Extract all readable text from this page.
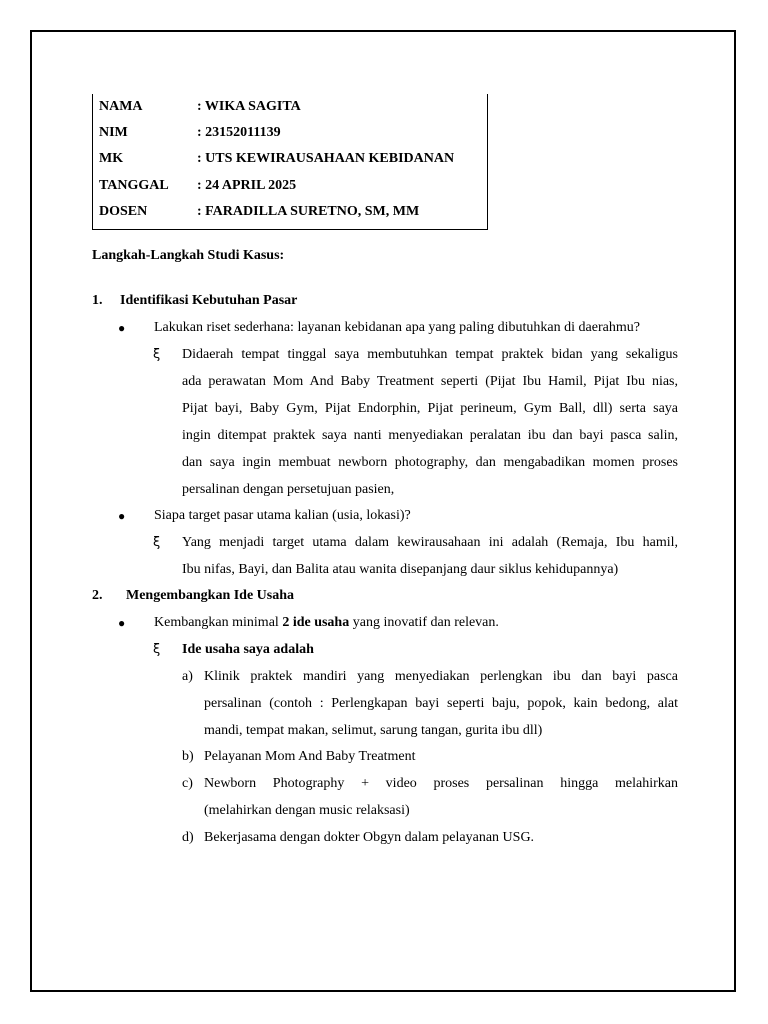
NAMA	: WIKA SAGITA
NIM	: 23152011139
MK	: UTS KEWIRAUSAHAAN KEBIDANAN
TANGGAL : 24 APRIL 2025
DOSEN	: FARADILLA SURETNO, SM, MM
Langkah-Langkah Studi Kasus:
1. Identifikasi Kebutuhan Pasar
● Lakukan riset sederhana: layanan kebidanan apa yang paling dibutuhkan di daerahmu?
ξ Didaerah tempat tinggal saya membutuhkan tempat praktek bidan yang sekaligus
ada perawatan Mom And Baby Treatment seperti (Pijat Ibu Hamil, Pijat Ibu nias,
Pijat bayi, Baby Gym, Pijat Endorphin, Pijat perineum, Gym Ball, dll) serta saya
ingin ditempat praktek saya nanti menyediakan peralatan ibu dan bayi pasca salin,
dan saya ingin membuat newborn photography, dan mengabadikan momen proses
persalinan dengan persetujuan pasien,
● Siapa target pasar utama kalian (usia, lokasi)?
ξ Yang menjadi target utama dalam kewirausahaan ini adalah (Remaja, Ibu hamil,
Ibu nifas, Bayi, dan Balita atau wanita disepanjang daur siklus kehidupannya)
2. Mengembangkan Ide Usaha
● Kembangkan minimal 2 ide usaha yang inovatif dan relevan.
ξ Ide usaha saya adalah
a) Klinik praktek mandiri yang menyediakan perlengkan ibu dan bayi pasca
persalinan (contoh : Perlengkapan bayi seperti baju, popok, kain bedong, alat
mandi, tempat makan, selimut, sarung tangan, gurita ibu dll)
b) Pelayanan Mom And Baby Treatment
c) Newborn Photography + video proses persalinan hingga melahirkan
(melahirkan dengan music relaksasi)
d) Bekerjasama dengan dokter Obgyn dalam pelayanan USG.
